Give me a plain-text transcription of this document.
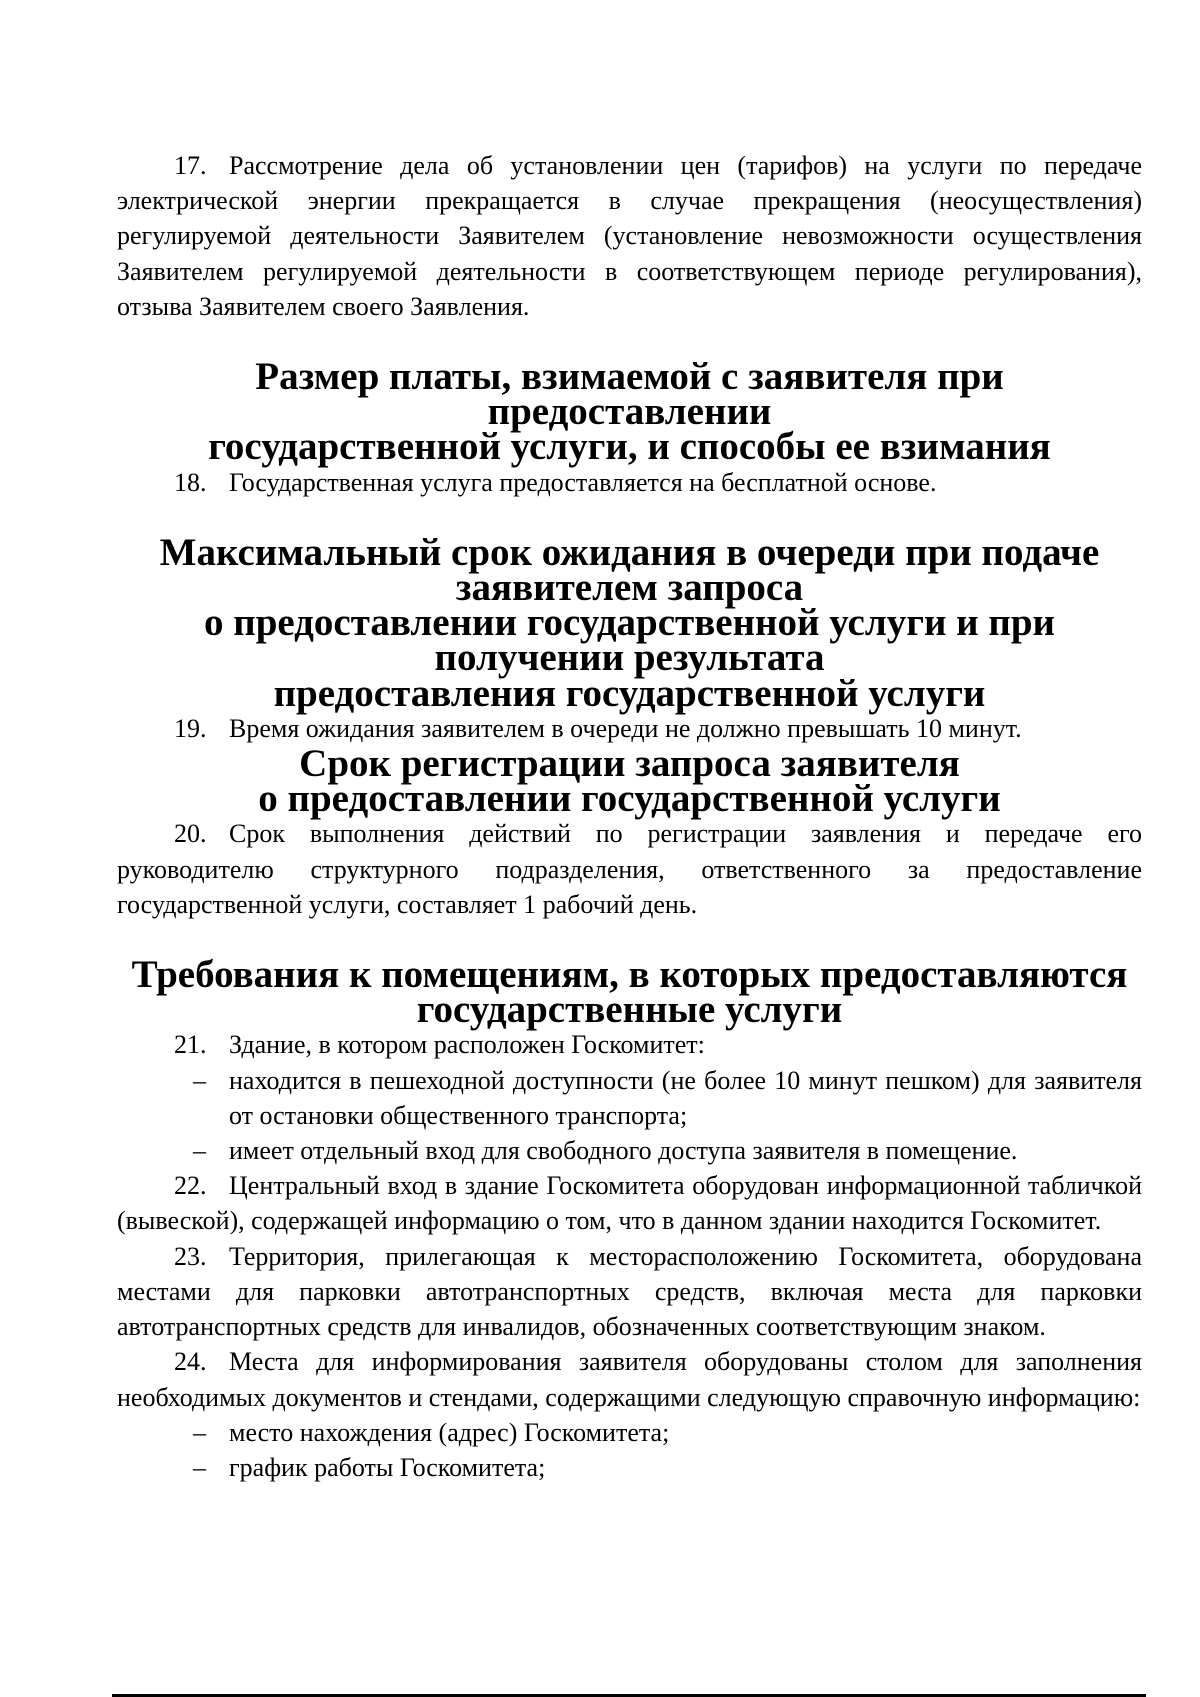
17. Рассмотрение дела об установлении цен (тарифов) на услуги по передаче электрической энергии прекращается в случае прекращения (неосуществления) регулируемой деятельности Заявителем (установление невозможности осуществления Заявителем регулируемой деятельности в соответствующем периоде регулирования), отзыва Заявителем своего Заявления.

Размер платы, взимаемой с заявителя при предоставлении
государственной услуги, и способы ее взимания

18. Государственная услуга предоставляется на бесплатной основе.

Максимальный срок ожидания в очереди при подаче заявителем запроса
о предоставлении государственной услуги и при получении результата
предоставления государственной услуги

19. Время ожидания заявителем в очереди не должно превышать 10 минут.

Срок регистрации запроса заявителя
о предоставлении государственной услуги

20. Срок выполнения действий по регистрации заявления и передаче его руководителю структурного подразделения, ответственного за предоставление государственной услуги, составляет 1 рабочий день.

Требования к помещениям, в которых предоставляются
государственные услуги

21. Здание, в котором расположен Госкомитет:

– находится в пешеходной доступности (не более 10 минут пешком) для заявителя от остановки общественного транспорта;

– имеет отдельный вход для свободного доступа заявителя в помещение.

22. Центральный вход в здание Госкомитета оборудован информационной табличкой (вывеской), содержащей информацию о том, что в данном здании находится Госкомитет.

23. Территория, прилегающая к месторасположению Госкомитета, оборудована местами для парковки автотранспортных средств, включая места для парковки автотранспортных средств для инвалидов, обозначенных соответствующим знаком.

24. Места для информирования заявителя оборудованы столом для заполнения необходимых документов и стендами, содержащими следующую справочную информацию:

– место нахождения (адрес) Госкомитета;

– график работы Госкомитета;
